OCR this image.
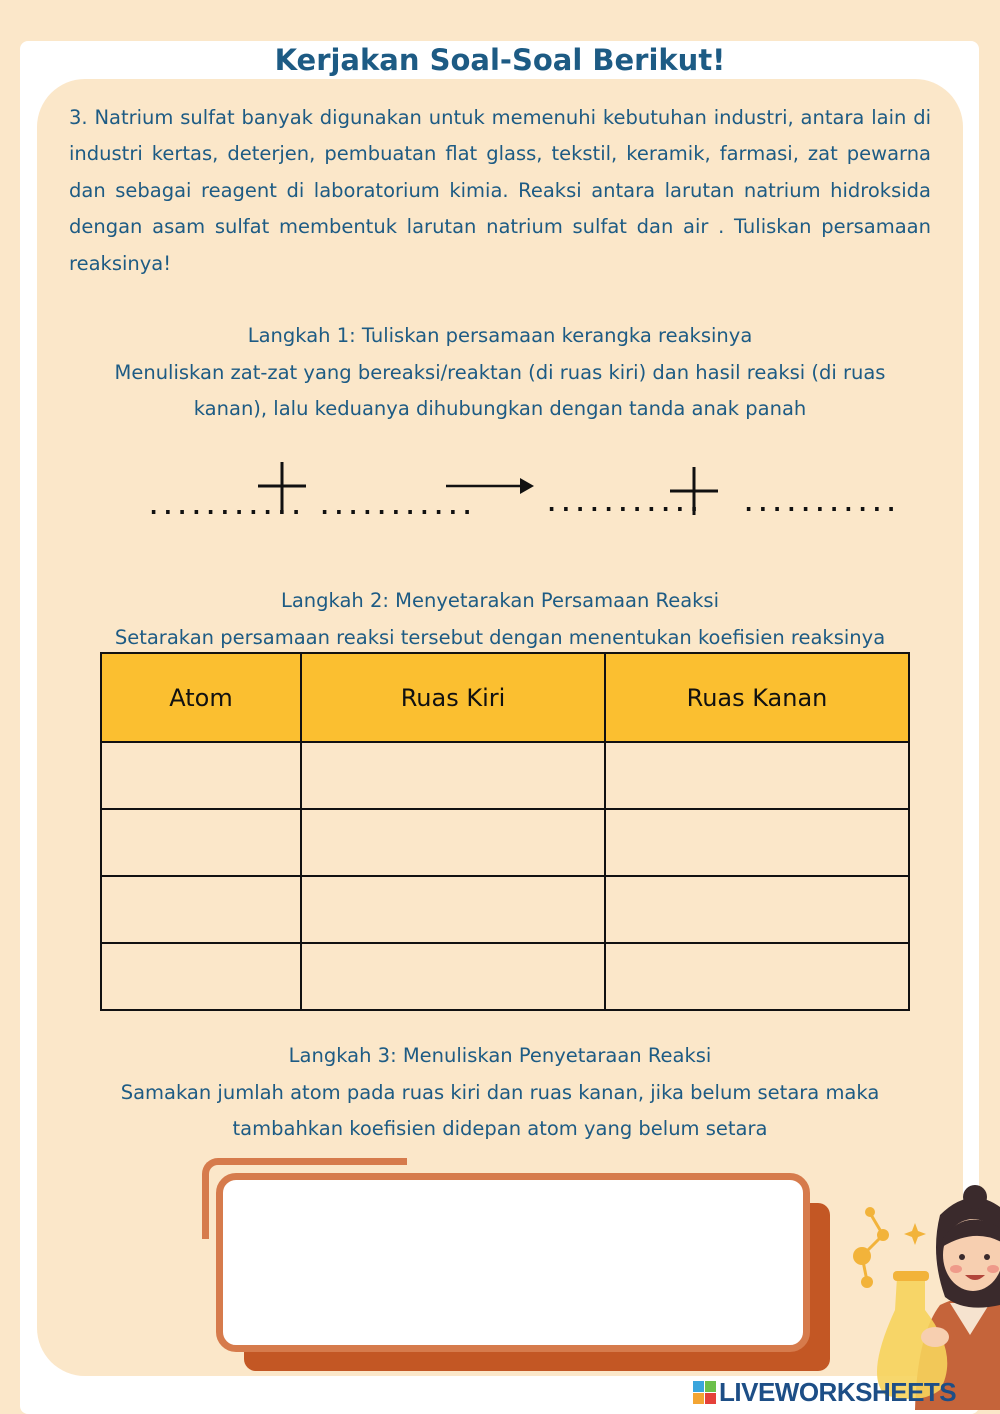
Kerjakan Soal-Soal Berikut!
3. Natrium sulfat banyak digunakan untuk memenuhi kebutuhan industri, antara lain di industri kertas, deterjen, pembuatan flat glass, tekstil, keramik, farmasi, zat pewarna dan sebagai reagent di laboratorium kimia. Reaksi antara larutan natrium hidroksida dengan asam sulfat membentuk larutan natrium sulfat dan air . Tuliskan persamaan reaksinya!
Langkah 1: Tuliskan persamaan kerangka reaksinya
Menuliskan zat-zat yang bereaksi/reaktan (di ruas kiri) dan hasil reaksi (di ruas
kanan), lalu keduanya dihubungkan dengan tanda anak panah
........... ...........	........... ...........
Langkah 2: Menyetarakan Persamaan Reaksi
Setarakan persamaan reaksi tersebut dengan menentukan koefisien reaksinya
Atom	Ruas Kiri	Ruas Kanan

Langkah 3: Menuliskan Penyetaraan Reaksi
Samakan jumlah atom pada ruas kiri dan ruas kanan, jika belum setara maka
tambahkan koefisien didepan atom yang belum setara
LIVEWORKSHEETS
